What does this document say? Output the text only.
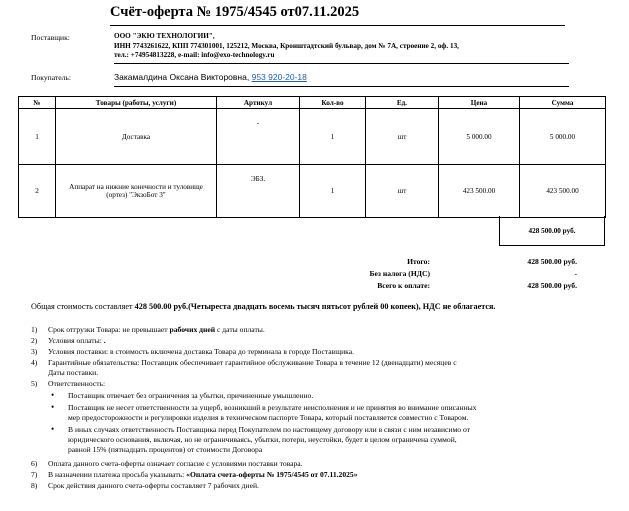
Счёт-оферта № 1975/4545 от07.11.2025
Поставщик:	ООО "ЭКЮ ТЕХНОЛОГИИ",
ИНН 7743261622, КПП 774301001, 125212, Москва, Кронштадтский бульвар, дом № 7А, строение 2, оф. 13,
тел.: +74954813228, e-mail: info@exo-technology.ru
Покупатель:	Закамалдина Оксана Викторовна, 953 920-20-18
№	Товары (работы, услуги)	Артикул	Кол-во	Ед.	Цена	Сумма
1	Доставка	-	1	шт	5 000.00	5 000.00
2	Аппарат на нижние конечности и туловище (ортез) "ЭкзоБот 3"	ЭБЗ.	1	шт	423 500.00	423 500.00
428 500.00 руб.
Итого:	428 500.00 руб.
Без налога (НДС)	-
Всего к оплате:	428 500.00 руб.
Общая стоимость составляет 428 500.00 руб.(Четыреста двадцать восемь тысяч пятьсот рублей 00 копеек), НДС не облагается.
1)	Срок отгрузки Товара: не превышает рабочих дней с даты оплаты.
2)	Условия оплаты: .
3)	Условия поставки: в стоимость включена доставка Товара до терминала в городе Поставщика.
4)	Гарантийные обязательства: Поставщик обеспечивает гарантийное обслуживание Товара в течение 12 (двенадцати) месяцев с
Даты поставки.
5)	Ответственность:
• Поставщик отвечает без ограничения за убытки, причиненные умышленно.
• Поставщик не несет ответственности за ущерб, возникший в результате неисполнения и не принятия во внимание описанных
мер предосторожности и регулировки изделия в техническом паспорте Товара, который поставляется совместно с Товаром.
• В иных случаях ответственность Поставщика перед Покупателем по настоящему договору или в связи с ним независимо от
юридического основания, включая, но не ограничиваясь, убытки, потери, неустойки, будет в целом ограничена суммой,
равной 15% (пятнадцать процентов) от стоимости Договора
6)	Оплата данного счета-оферты означает согласие с условиями поставки товара.
7)	В назначении платежа просьба указывать: «Оплата счета-оферты № 1975/4545 от 07.11.2025»
8)	Срок действия данного счета-оферты составляет 7 рабочих дней.
